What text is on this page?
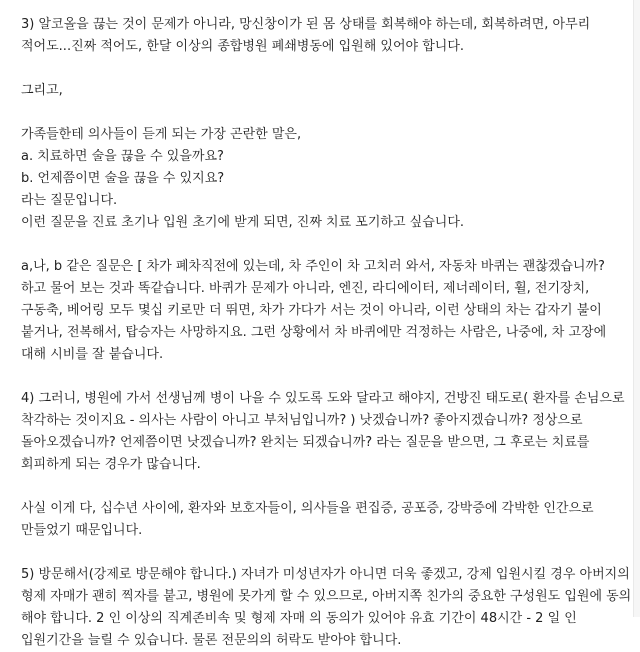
3) 알코올을 끊는 것이 문제가 아니라, 망신창이가 된 몸 상태를 회복해야 하는데, 회복하려면, 아무리 적어도...진짜 적어도, 한달 이상의 종합병원 폐쇄병동에 입원해 있어야 합니다.

그리고,

가족들한테 의사들이 듣게 되는 가장 곤란한 말은,
a. 치료하면 술을 끊을 수 있을까요?
b. 언제쯤이면 술을 끊을 수 있지요?
라는 질문입니다.
이런 질문을 진료 초기나 입원 초기에 받게 되면, 진짜 치료 포기하고 싶습니다.

a,나, b 같은 질문은 [ 차가 폐차직전에 있는데, 차 주인이 차 고치러 와서, 자동차 바퀴는 괜찮겠습니까? 하고 물어 보는 것과 똑같습니다. 바퀴가 문제가 아니라, 엔진, 라디에이터, 제너레이터, 휠, 전기장치, 구동축, 베어링 모두 몇십 키로만 더 뛰면, 차가 가다가 서는 것이 아니라, 이런 상태의 차는 갑자기 불이 붙거나, 전복해서, 탑승자는 사망하지요. 그런 상황에서 차 바퀴에만 걱정하는 사람은, 나중에, 차 고장에 대해 시비를 잘 붙습니다.

4) 그러니, 병원에 가서 선생님께 병이 나을 수 있도록 도와 달라고 해야지, 건방진 태도로( 환자를 손님으로 착각하는 것이지요 - 의사는 사람이 아니고 부처님입니까? ) 낫겠습니까? 좋아지겠습니까? 정상으로 돌아오겠습니까? 언제쯤이면 낫겠습니까? 완치는 되겠습니까? 라는 질문을 받으면, 그 후로는 치료를 회피하게 되는 경우가 많습니다.

사실 이게 다, 십수년 사이에, 환자와 보호자들이, 의사들을 편집증, 공포증, 강박증에 각박한 인간으로 만들었기 때문입니다.

5) 방문해서(강제로 방문해야 합니다.) 자녀가 미성년자가 아니면 더욱 좋겠고, 강제 입원시킬 경우 아버지의 형제 자매가 괜히 찍자를 붙고, 병원에 못가게 할 수 있으므로, 아버지쪽 친가의 중요한 구성원도 입원에 동의 해야 합니다. 2 인 이상의 직계존비속 및 형제 자매 의 동의가 있어야 유효 기간이 48시간 - 2 일 인 입원기간을 늘릴 수 있습니다. 물론 전문의의 허락도 받아야 합니다.
